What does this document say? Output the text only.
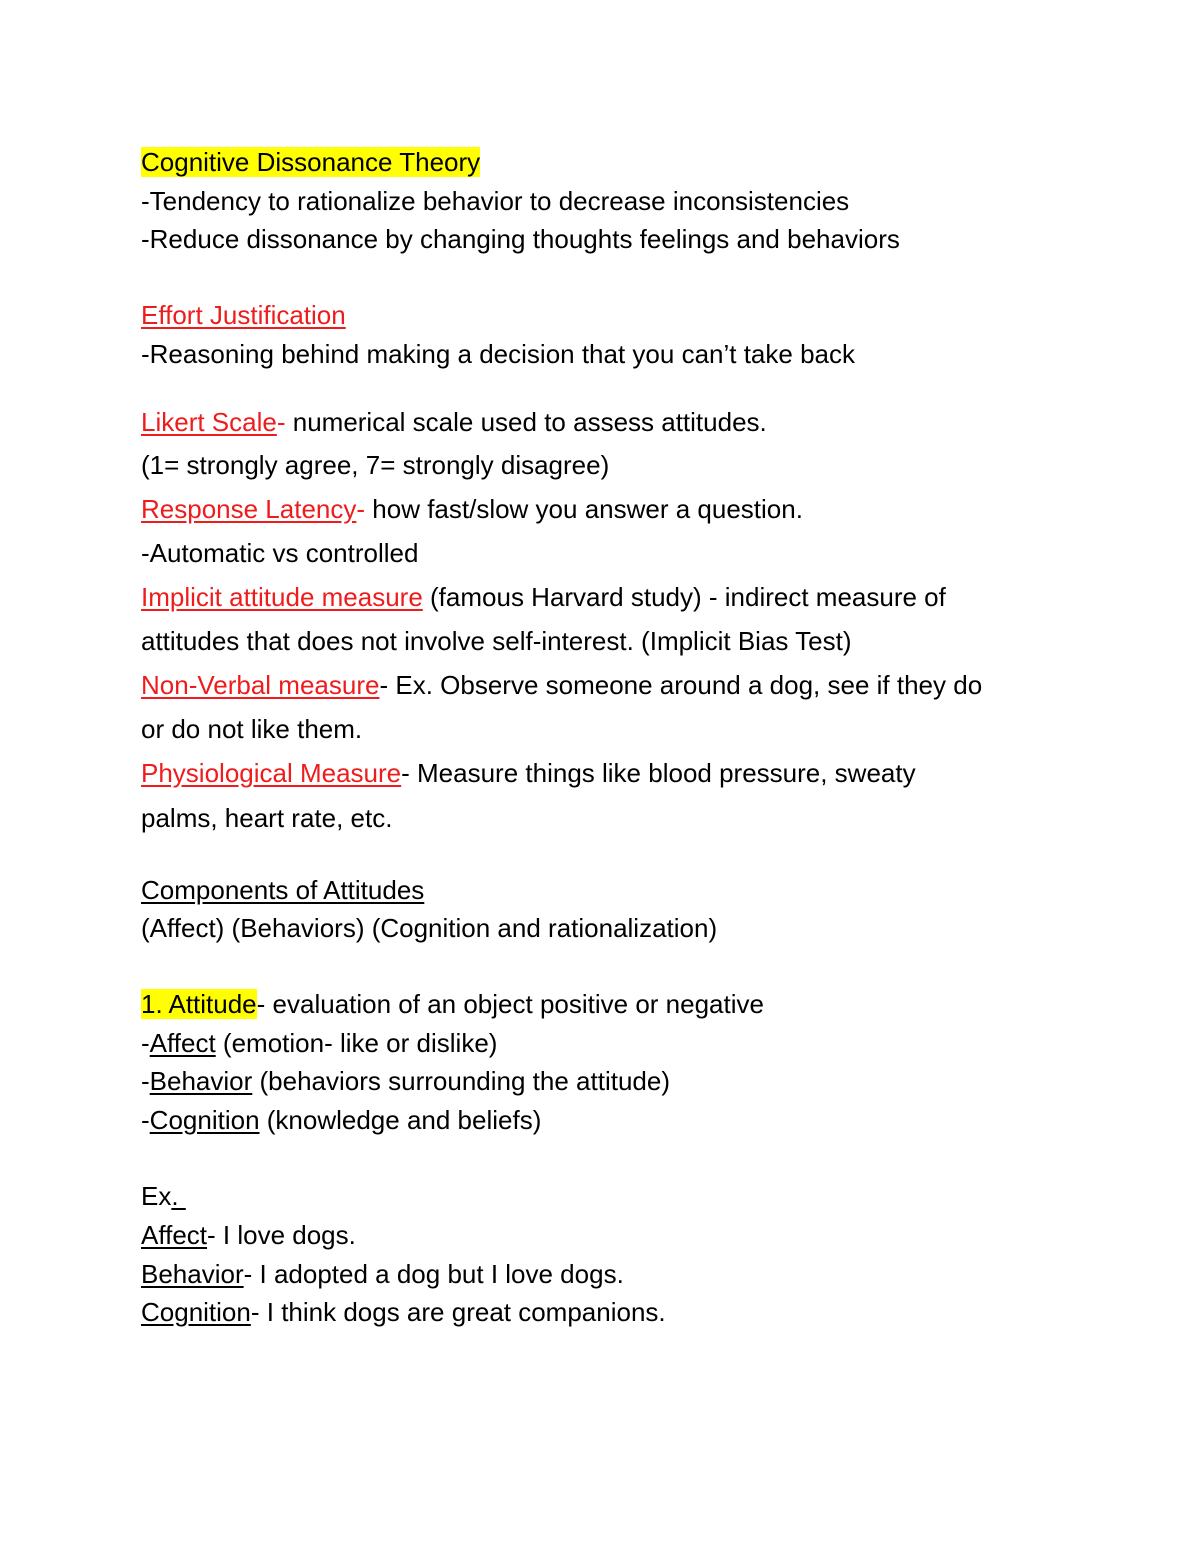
Cognitive Dissonance Theory

-Tendency to rationalize behavior to decrease inconsistencies

-Reduce dissonance by changing thoughts feelings and behaviors

Effort Justification

-Reasoning behind making a decision that you can’t take back

Likert Scale- numerical scale used to assess attitudes.

(1= strongly agree, 7= strongly disagree)

Response Latency- how fast/slow you answer a question.

-Automatic vs controlled

Implicit attitude measure (famous Harvard study) - indirect measure of

attitudes that does not involve self-interest. (Implicit Bias Test)

Non-Verbal measure- Ex. Observe someone around a dog, see if they do

or do not like them.

Physiological Measure- Measure things like blood pressure, sweaty

palms, heart rate, etc.

Components of Attitudes

(Affect) (Behaviors) (Cognition and rationalization)

1. Attitude- evaluation of an object positive or negative

-Affect (emotion- like or dislike)

-Behavior (behaviors surrounding the attitude)

-Cognition (knowledge and beliefs)

Ex.

Affect- I love dogs.

Behavior- I adopted a dog but I love dogs.

Cognition- I think dogs are great companions.
